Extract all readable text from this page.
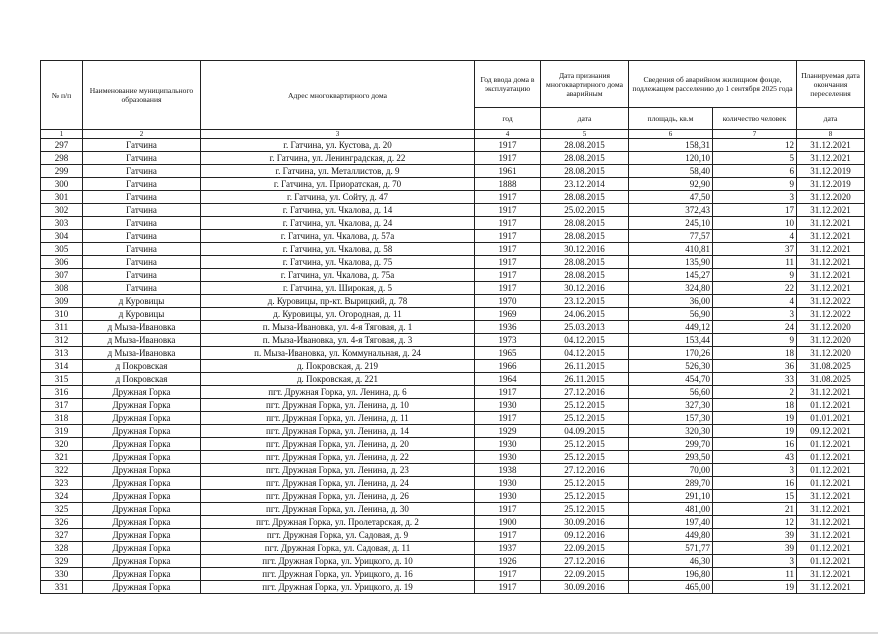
№ п/п	Наименование муниципального образования	Адрес многоквартирного дома	Год ввода дома в эксплуатацию	Дата признания многоквартирного дома аварийным	Сведения об аварийном жилищном фонде, подлежащем расселению до 1 сентября 2025 года		Планируемая дата окончания переселения
			год	дата	площадь, кв.м	количество человек	дата
1	2	3	4	5	6	7	8
297	Гатчина	г. Гатчина, ул. Кустова, д. 20	1917	28.08.2015	158,31	12	31.12.2021
298	Гатчина	г. Гатчина, ул. Ленинградская, д. 22	1917	28.08.2015	120,10	5	31.12.2021
299	Гатчина	г. Гатчина, ул. Металлистов, д. 9	1961	28.08.2015	58,40	6	31.12.2019
300	Гатчина	г. Гатчина, ул. Приоратская, д. 70	1888	23.12.2014	92,90	9	31.12.2019
301	Гатчина	г. Гатчина, ул. Сойту, д. 47	1917	28.08.2015	47,50	3	31.12.2020
302	Гатчина	г. Гатчина, ул. Чкалова, д. 14	1917	25.02.2015	372,43	17	31.12.2021
303	Гатчина	г. Гатчина, ул. Чкалова, д. 24	1917	28.08.2015	245,10	10	31.12.2021
304	Гатчина	г. Гатчина, ул. Чкалова, д. 57а	1917	28.08.2015	77,57	4	31.12.2021
305	Гатчина	г. Гатчина, ул. Чкалова, д. 58	1917	30.12.2016	410,81	37	31.12.2021
306	Гатчина	г. Гатчина, ул. Чкалова, д. 75	1917	28.08.2015	135,90	11	31.12.2021
307	Гатчина	г. Гатчина, ул. Чкалова, д. 75а	1917	28.08.2015	145,27	9	31.12.2021
308	Гатчина	г. Гатчина, ул. Широкая, д. 5	1917	30.12.2016	324,80	22	31.12.2021
309	д Куровицы	д. Куровицы, пр-кт. Вырицкий, д. 78	1970	23.12.2015	36,00	4	31.12.2022
310	д Куровицы	д. Куровицы, ул. Огородная, д. 11	1969	24.06.2015	56,90	3	31.12.2022
311	д Мыза-Ивановка	п. Мыза-Ивановка, ул. 4-я Тяговая, д. 1	1936	25.03.2013	449,12	24	31.12.2020
312	д Мыза-Ивановка	п. Мыза-Ивановка, ул. 4-я Тяговая, д. 3	1973	04.12.2015	153,44	9	31.12.2020
313	д Мыза-Ивановка	п. Мыза-Ивановка, ул. Коммунальная, д. 24	1965	04.12.2015	170,26	18	31.12.2020
314	д Покровская	д. Покровская, д. 219	1966	26.11.2015	526,30	36	31.08.2025
315	д Покровская	д. Покровская, д. 221	1964	26.11.2015	454,70	33	31.08.2025
316	Дружная Горка	пгт. Дружная Горка, ул. Ленина, д. 6	1917	27.12.2016	56,60	2	31.12.2021
317	Дружная Горка	пгт. Дружная Горка, ул. Ленина, д. 10	1930	25.12.2015	327,30	18	01.12.2021
318	Дружная Горка	пгт. Дружная Горка, ул. Ленина, д. 11	1917	25.12.2015	157,30	19	01.01.2021
319	Дружная Горка	пгт. Дружная Горка, ул. Ленина, д. 14	1929	04.09.2015	320,30	19	09.12.2021
320	Дружная Горка	пгт. Дружная Горка, ул. Ленина, д. 20	1930	25.12.2015	299,70	16	01.12.2021
321	Дружная Горка	пгт. Дружная Горка, ул. Ленина, д. 22	1930	25.12.2015	293,50	43	01.12.2021
322	Дружная Горка	пгт. Дружная Горка, ул. Ленина, д. 23	1938	27.12.2016	70,00	3	01.12.2021
323	Дружная Горка	пгт. Дружная Горка, ул. Ленина, д. 24	1930	25.12.2015	289,70	16	01.12.2021
324	Дружная Горка	пгт. Дружная Горка, ул. Ленина, д. 26	1930	25.12.2015	291,10	15	31.12.2021
325	Дружная Горка	пгт. Дружная Горка, ул. Ленина, д. 30	1917	25.12.2015	481,00	21	31.12.2021
326	Дружная Горка	пгт. Дружная Горка, ул. Пролетарская, д. 2	1900	30.09.2016	197,40	12	31.12.2021
327	Дружная Горка	пгт. Дружная Горка, ул. Садовая, д. 9	1917	09.12.2016	449,80	39	31.12.2021
328	Дружная Горка	пгт. Дружная Горка, ул. Садовая, д. 11	1937	22.09.2015	571,77	39	01.12.2021
329	Дружная Горка	пгт. Дружная Горка, ул. Урицкого, д. 10	1926	27.12.2016	46,30	3	01.12.2021
330	Дружная Горка	пгт. Дружная Горка, ул. Урицкого, д. 16	1917	22.09.2015	196,80	11	31.12.2021
331	Дружная Горка	пгт. Дружная Горка, ул. Урицкого, д. 19	1917	30.09.2016	465,00	19	31.12.2021
